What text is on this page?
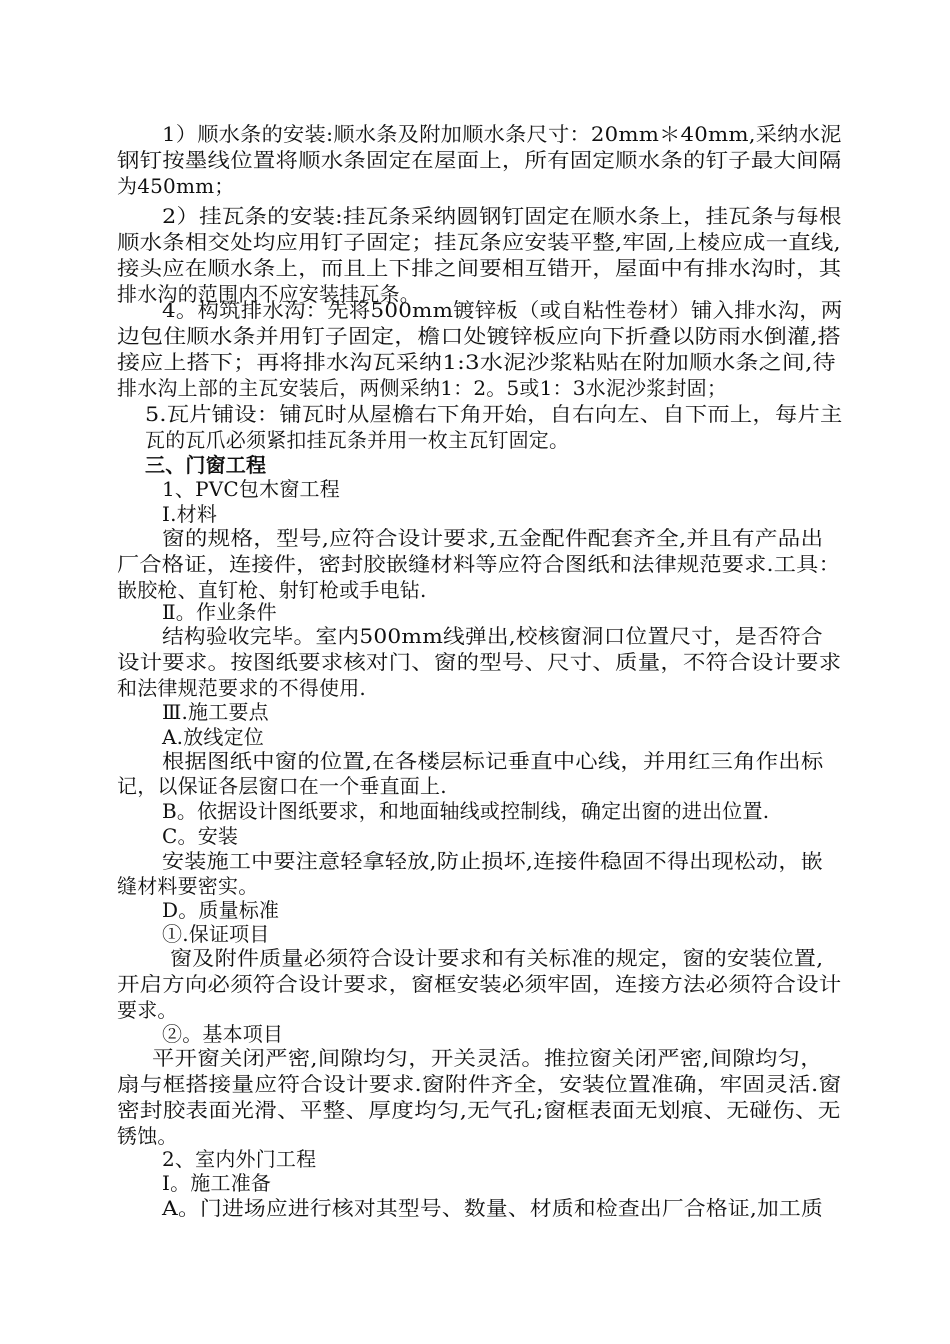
1）顺水条的安装:顺水条及附加顺水条尺寸：20mm＊40mm,采纳水泥
钢钉按墨线位置将顺水条固定在屋面上，所有固定顺水条的钉子最大间隔
为450mm；
2）挂瓦条的安装:挂瓦条采纳圆钢钉固定在顺水条上，挂瓦条与每根
顺水条相交处均应用钉子固定；挂瓦条应安装平整,牢固,上棱应成一直线,
接头应在顺水条上，而且上下排之间要相互错开，屋面中有排水沟时，其
排水沟的范围内不应安装挂瓦条。
4。构筑排水沟：先将500mm镀锌板（或自粘性卷材）铺入排水沟，两
边包住顺水条并用钉子固定，檐口处镀锌板应向下折叠以防雨水倒灌,搭
接应上搭下；再将排水沟瓦采纳1:3水泥沙浆粘贴在附加顺水条之间,待
排水沟上部的主瓦安装后，两侧采纳1：2。5或1：3水泥沙浆封固；
5.瓦片铺设：铺瓦时从屋檐右下角开始，自右向左、自下而上，每片主
瓦的瓦爪必须紧扣挂瓦条并用一枚主瓦钉固定。
三、门窗工程
1、PVC包木窗工程
Ⅰ.材料
窗的规格，型号,应符合设计要求,五金配件配套齐全,并且有产品出
厂合格证，连接件，密封胶嵌缝材料等应符合图纸和法律规范要求.工具：
嵌胶枪、直钉枪、射钉枪或手电钻.
Ⅱ。作业条件
结构验收完毕。室内500mm线弹出,校核窗洞口位置尺寸，是否符合
设计要求。按图纸要求核对门、窗的型号、尺寸、质量，不符合设计要求
和法律规范要求的不得使用.
Ⅲ.施工要点
A.放线定位
根据图纸中窗的位置,在各楼层标记垂直中心线，并用红三角作出标
记，以保证各层窗口在一个垂直面上.
B。依据设计图纸要求，和地面轴线或控制线，确定出窗的进出位置.
C。安装
安装施工中要注意轻拿轻放,防止损坏,连接件稳固不得出现松动，嵌
缝材料要密实。
D。质量标准
①.保证项目
窗及附件质量必须符合设计要求和有关标准的规定，窗的安装位置,
开启方向必须符合设计要求，窗框安装必须牢固，连接方法必须符合设计
要求。
②。基本项目
平开窗关闭严密,间隙均匀，开关灵活。推拉窗关闭严密,间隙均匀，
扇与框搭接量应符合设计要求.窗附件齐全，安装位置准确，牢固灵活.窗
密封胶表面光滑、平整、厚度均匀,无气孔;窗框表面无划痕、无碰伤、无
锈蚀。
2、室内外门工程
Ⅰ。施工准备
A。门进场应进行核对其型号、数量、材质和检查出厂合格证,加工质
